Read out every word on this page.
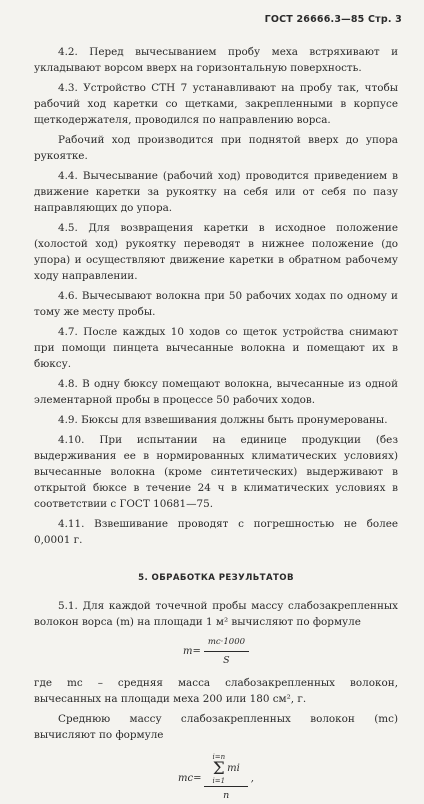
ГОСТ 26666.3—85 Стр. 3

4.2. Перед вычесыванием пробу меха встряхивают и укладывают ворсом вверх на горизонтальную поверхность.

4.3. Устройство СТН 7 устанавливают на пробу так, чтобы рабочий ход каретки со щетками, закрепленными в корпусе щеткодержателя, проводился по направлению ворса.

Рабочий ход производится при поднятой вверх до упора рукоятке.

4.4. Вычесывание (рабочий ход) проводится приведением в движение каретки за рукоятку на себя или от себя по пазу направляющих до упора.

4.5. Для возвращения каретки в исходное положение (холостой ход) рукоятку переводят в нижнее положение (до упора) и осуществляют движение каретки в обратном рабочему ходу направлении.

4.6. Вычесывают волокна при 50 рабочих ходах по одному и тому же месту пробы.

4.7. После каждых 10 ходов со щеток устройства снимают при помощи пинцета вычесанные волокна и помещают их в бюксу.

4.8. В одну бюксу помещают волокна, вычесанные из одной элементарной пробы в процессе 50 рабочих ходов.

4.9. Бюксы для взвешивания должны быть пронумерованы.

4.10. При испытании на единице продукции (без выдерживания ее в нормированных климатических условиях) вычесанные волокна (кроме синтетических) выдерживают в открытой бюксе в течение 24 ч в климатических условиях в соответствии с ГОСТ 10681—75.

4.11. Взвешивание проводят с погрешностью не более 0,0001 г.

5. ОБРАБОТКА РЕЗУЛЬТАТОВ

5.1. Для каждой точечной пробы массу слабозакрепленных волокон ворса (m) на площади 1 м² вычисляют по формуле

$m= \frac{mc\cdot 1000}{S}$

где mc – средняя масса слабозакрепленных волокон, вычесанных на площади меха 200 или 180 см², г.

Среднюю массу слабозакрепленных волокон (mc) вычисляют по формуле

mc= i=n
Σ
i=1
mi
n ,
